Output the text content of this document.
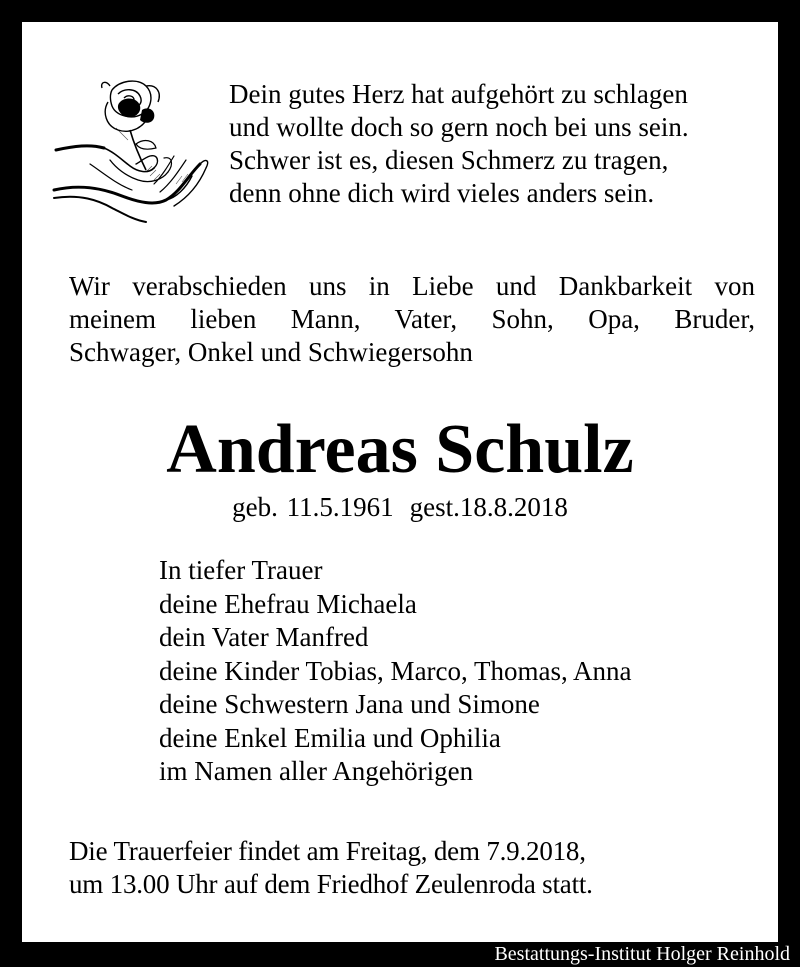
Dein gutes Herz hat aufgehört zu schlagen
und wollte doch so gern noch bei uns sein.
Schwer ist es, diesen Schmerz zu tragen,
denn ohne dich wird vieles anders sein.
Wir verabschieden uns in Liebe und Dankbarkeit von
meinem lieben Mann, Vater, Sohn, Opa, Bruder,
Schwager, Onkel und Schwiegersohn
Andreas Schulz
geb. 11.5.1961 gest.18.8.2018
In tiefer Trauer
deine Ehefrau Michaela
dein Vater Manfred
deine Kinder Tobias, Marco, Thomas, Anna
deine Schwestern Jana und Simone
deine Enkel Emilia und Ophilia
im Namen aller Angehörigen
Die Trauerfeier findet am Freitag, dem 7.9.2018,
um 13.00 Uhr auf dem Friedhof Zeulenroda statt.
Bestattungs-Institut Holger Reinhold
